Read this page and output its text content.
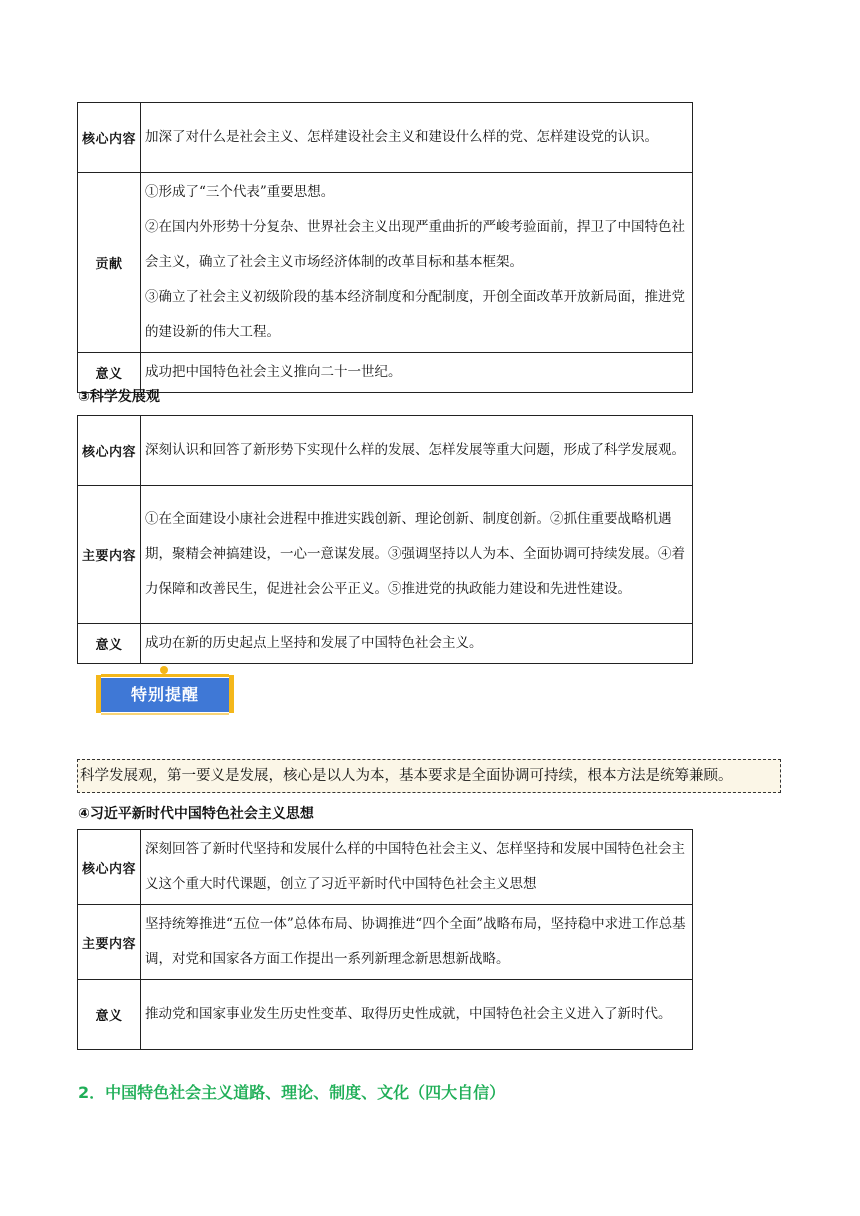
核心内容	加深了对什么是社会主义、怎样建设社会主义和建设什么样的党、怎样建设党的认识。

贡献	①形成了“三个代表”重要思想。

②在国内外形势十分复杂、世界社会主义出现严重曲折的严峻考验面前，捍卫了中国特色社会主义，确立了社会主义市场经济体制的改革目标和基本框架。

③确立了社会主义初级阶段的基本经济制度和分配制度，开创全面改革开放新局面，推进党的建设新的伟大工程。

意义	成功把中国特色社会主义推向二十一世纪。

③科学发展观
核心内容	深刻认识和回答了新形势下实现什么样的发展、怎样发展等重大问题，形成了科学发展观。

主要内容	①在全面建设小康社会进程中推进实践创新、理论创新、制度创新。②抓住重要战略机遇期，聚精会神搞建设，一心一意谋发展。③强调坚持以人为本、全面协调可持续发展。④着力保障和改善民生，促进社会公平正义。⑤推进党的执政能力建设和先进性建设。

意义	成功在新的历史起点上坚持和发展了中国特色社会主义。

特别提醒
科学发展观，第一要义是发展，核心是以人为本，基本要求是全面协调可持续，根本方法是统筹兼顾。
④习近平新时代中国特色社会主义思想
核心内容	深刻回答了新时代坚持和发展什么样的中国特色社会主义、怎样坚持和发展中国特色社会主义这个重大时代课题，创立了习近平新时代中国特色社会主义思想

主要内容	坚持统筹推进“五位一体”总体布局、协调推进“四个全面”战略布局，坚持稳中求进工作总基调，对党和国家各方面工作提出一系列新理念新思想新战略。

意义	推动党和国家事业发生历史性变革、取得历史性成就，中国特色社会主义进入了新时代。

2．中国特色社会主义道路、理论、制度、文化（四大自信）
